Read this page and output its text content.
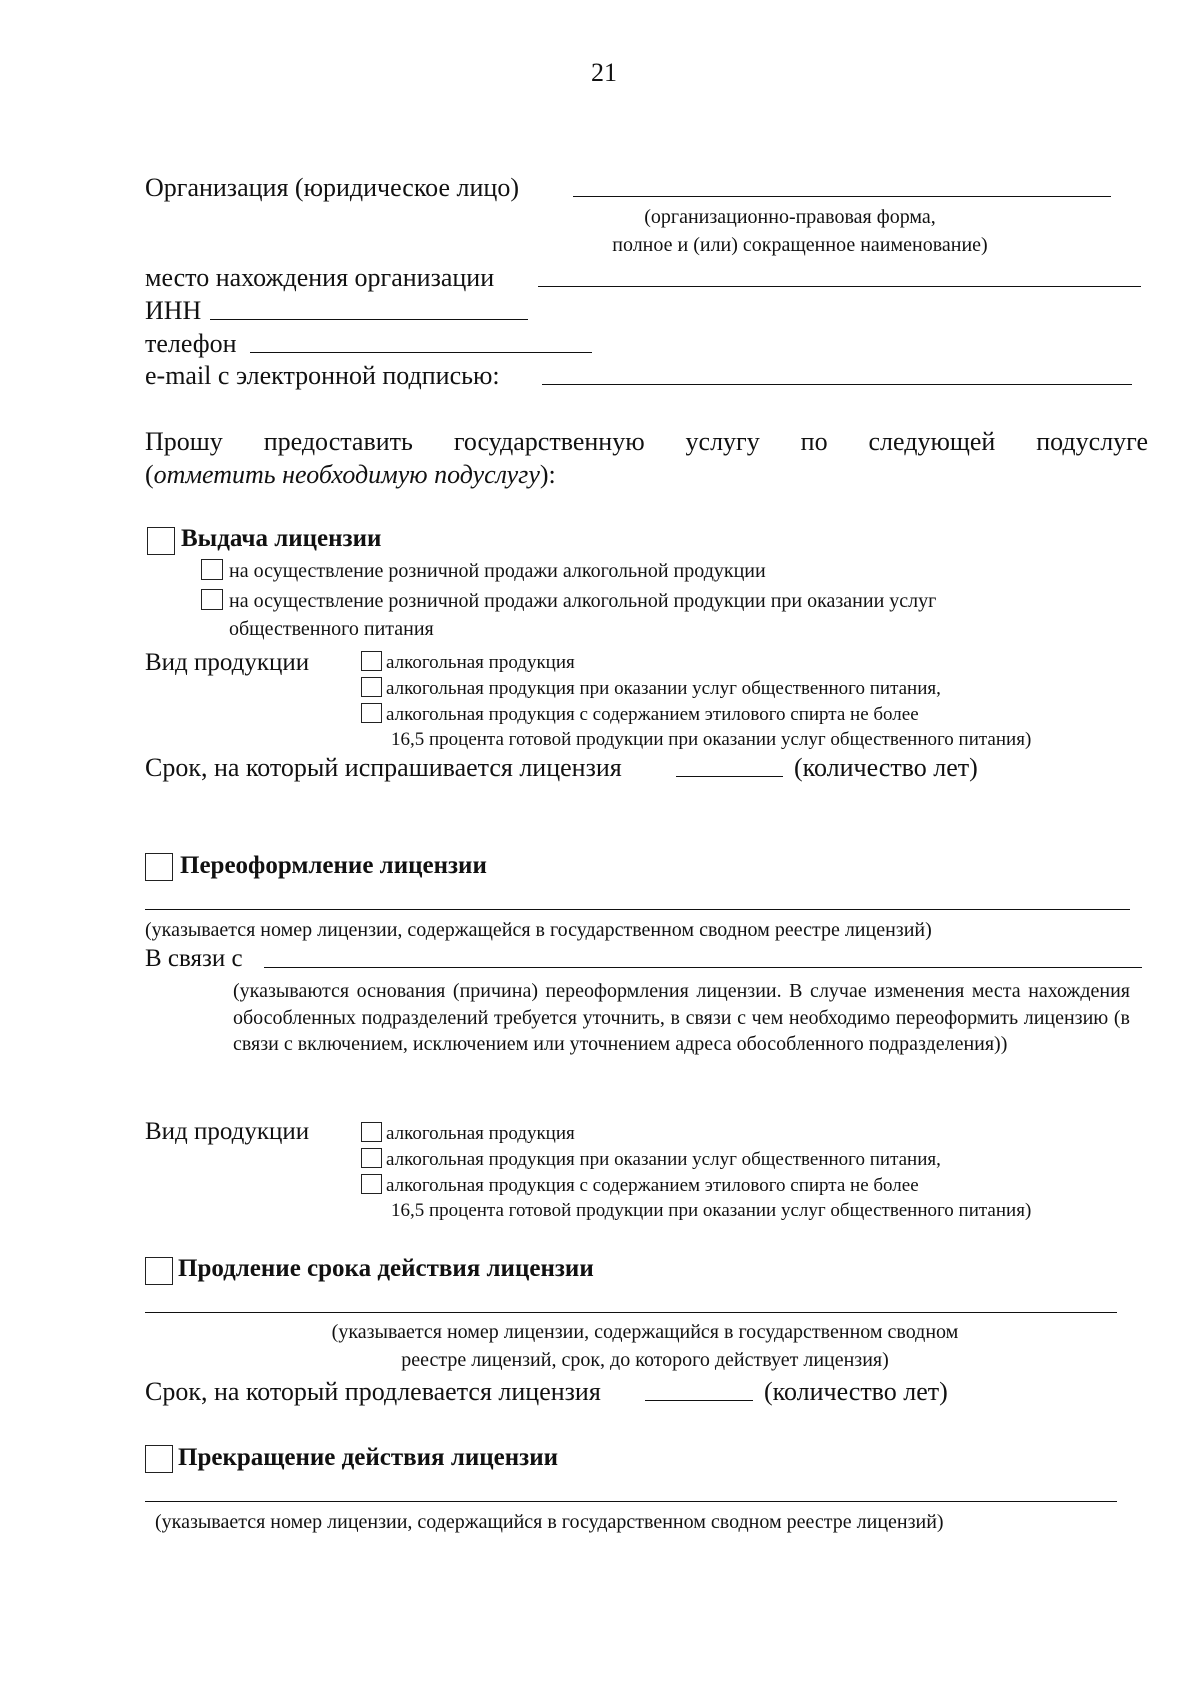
21
Организация (юридическое лицо)
(организационно-правовая форма,
полное и (или) сокращенное наименование)
место нахождения организации
ИНН
телефон
e-mail с электронной подписью:
Прошу предоставить государственную услугу по следующей подуслуге
(отметить необходимую подуслугу):
Выдача лицензии
на осуществление розничной продажи алкогольной продукции
на осуществление розничной продажи алкогольной продукции при оказании услуг
общественного питания
Вид продукции	алкогольная продукция
алкогольная продукция при оказании услуг общественного питания,
алкогольная продукция с содержанием этилового спирта не более
16,5 процента готовой продукции при оказании услуг общественного питания)
Срок, на который испрашивается лицензия	(количество лет)
Переоформление лицензии
(указывается номер лицензии, содержащейся в государственном сводном реестре лицензий)
В связи с
(указываются основания (причина) переоформления лицензии. В случае изменения места нахождения обособленных подразделений требуется уточнить, в связи с чем необходимо переоформить лицензию (в связи с включением, исключением или уточнением адреса обособленного подразделения))
Вид продукции	алкогольная продукция
алкогольная продукция при оказании услуг общественного питания,
алкогольная продукция с содержанием этилового спирта не более
16,5 процента готовой продукции при оказании услуг общественного питания)
Продление срока действия лицензии
(указывается номер лицензии, содержащийся в государственном сводном
реестре лицензий, срок, до которого действует лицензия)
Срок, на который продлевается лицензия	(количество лет)
Прекращение действия лицензии
(указывается номер лицензии, содержащийся в государственном сводном реестре лицензий)
